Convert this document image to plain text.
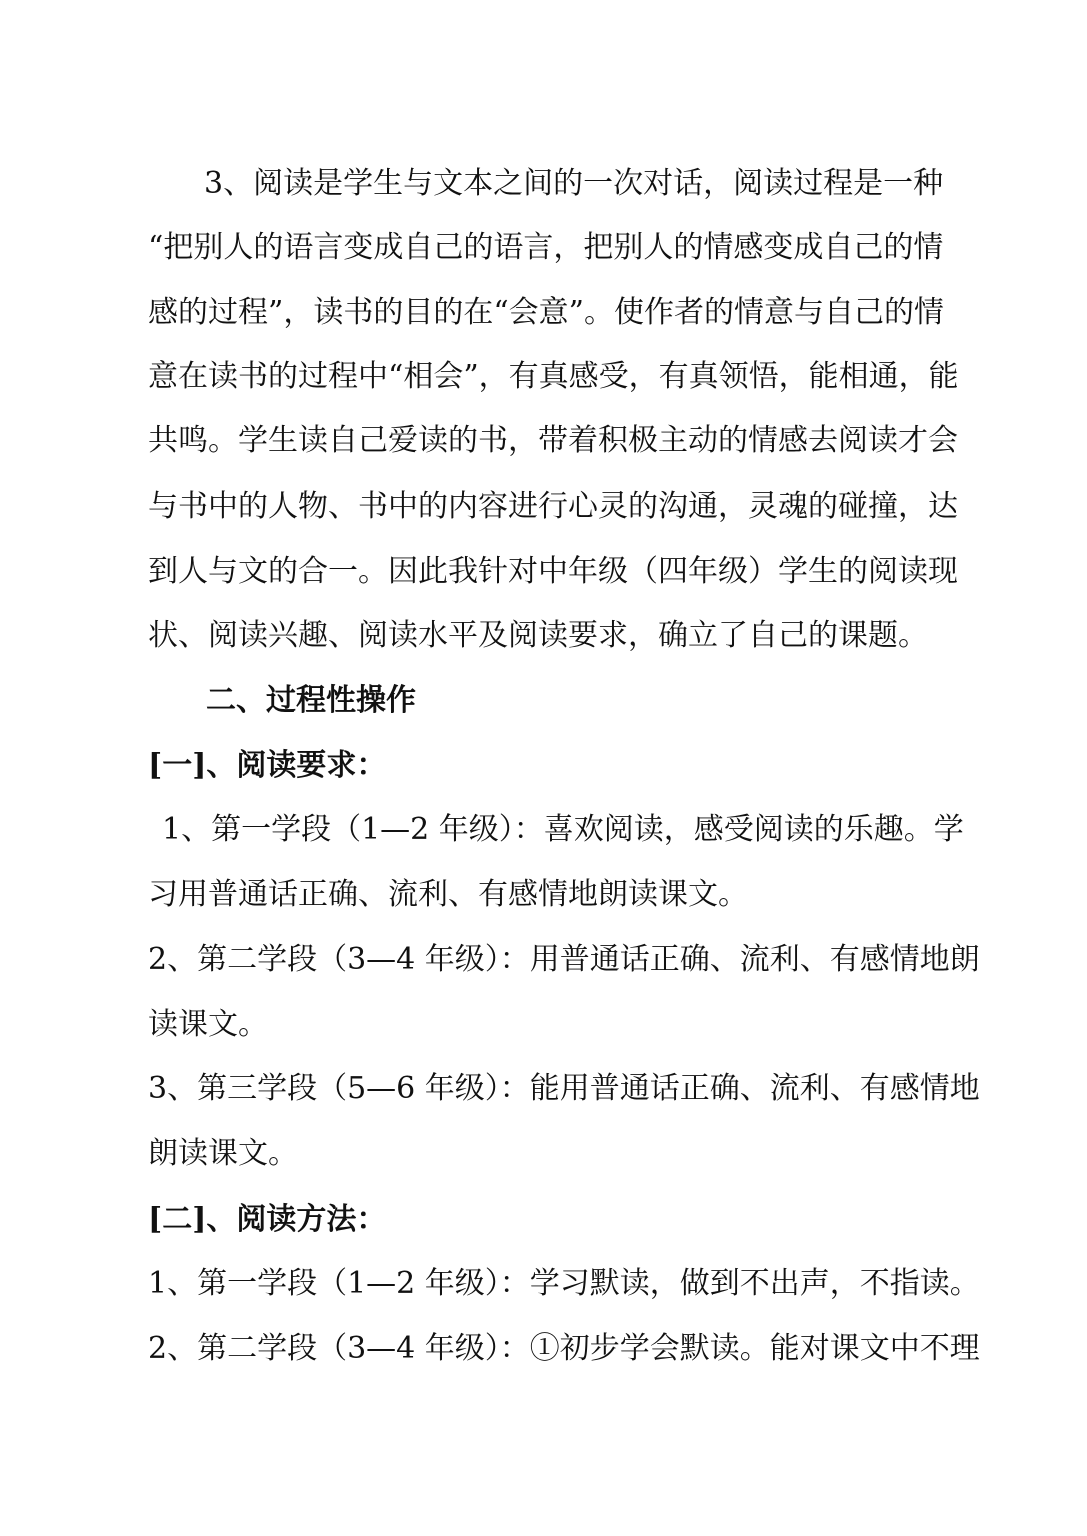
3、阅读是学生与文本之间的一次对话，阅读过程是一种
“把别人的语言变成自己的语言，把别人的情感变成自己的情
感的过程”，读书的目的在“会意”。使作者的情意与自己的情
意在读书的过程中“相会”，有真感受，有真领悟，能相通，能
共鸣。学生读自己爱读的书，带着积极主动的情感去阅读才会
与书中的人物、书中的内容进行心灵的沟通，灵魂的碰撞，达
到人与文的合一。因此我针对中年级（四年级）学生的阅读现
状、阅读兴趣、阅读水平及阅读要求，确立了自己的课题。
二、过程性操作
[一]、阅读要求：
1、第一学段（1—2 年级）：喜欢阅读，感受阅读的乐趣。学
习用普通话正确、流利、有感情地朗读课文。
2、第二学段（3—4 年级）：用普通话正确、流利、有感情地朗
读课文。
3、第三学段（5—6 年级）：能用普通话正确、流利、有感情地
朗读课文。
[二]、阅读方法：
1、第一学段（1—2 年级）：学习默读，做到不出声，不指读。
2、第二学段（3—4 年级）：①初步学会默读。能对课文中不理
